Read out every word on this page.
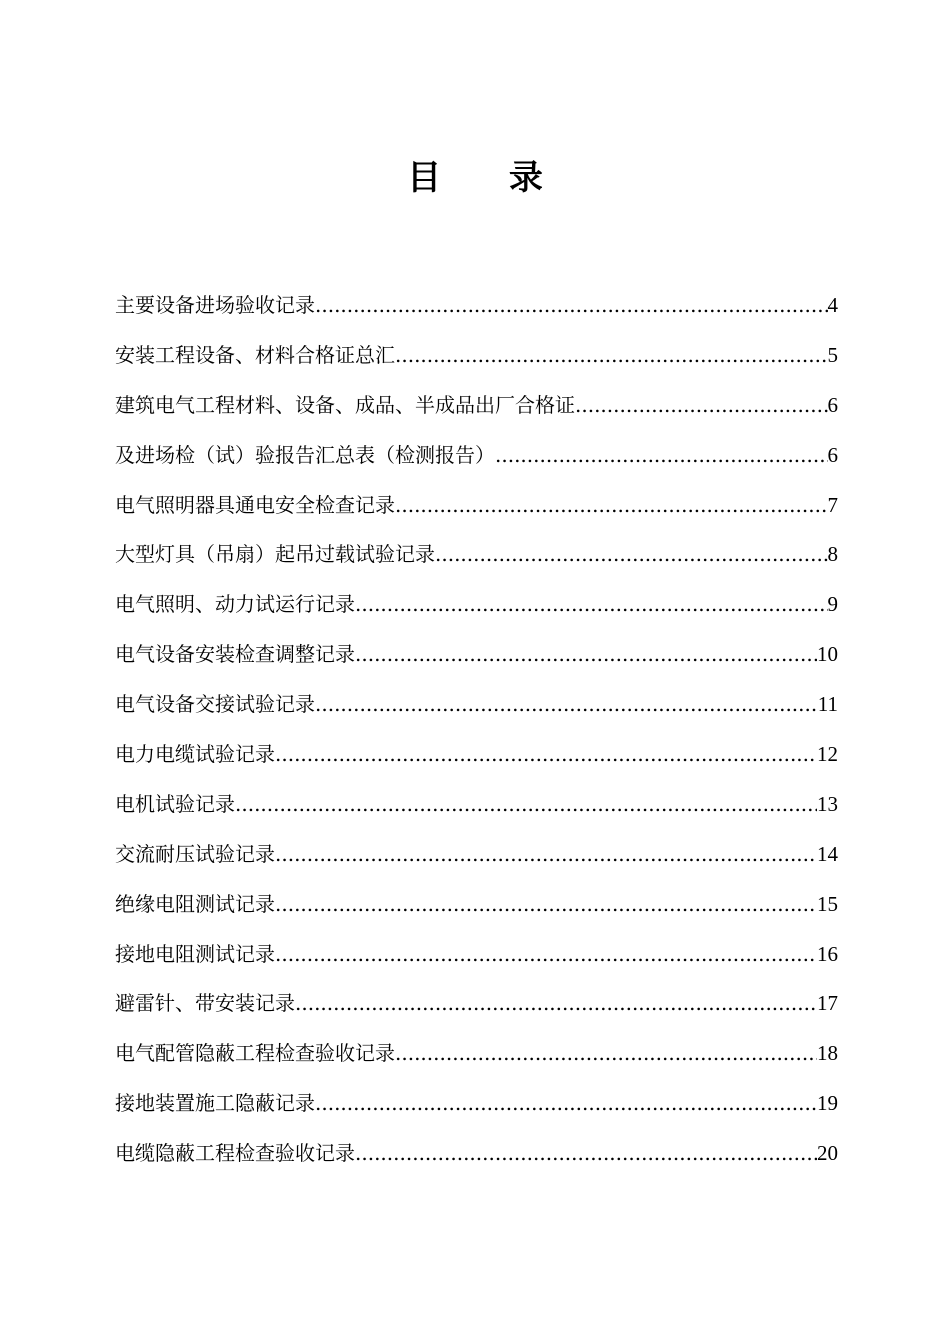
目 录
主要设备进场验收记录 .....	4
安装工程设备、材料合格证总汇 .....	5
建筑电气工程材料、设备、成品、半成品出厂合格证 .....	6
及进场检（试）验报告汇总表（检测报告） .....	6
电气照明器具通电安全检查记录 .....	7
大型灯具（吊扇）起吊过载试验记录 .....	8
电气照明、动力试运行记录 .....	9
电气设备安装检查调整记录 .....	10
电气设备交接试验记录 .....	11
电力电缆试验记录 .....	12
电机试验记录 .....	13
交流耐压试验记录 .....	14
绝缘电阻测试记录 .....	15
接地电阻测试记录 .....	16
避雷针、带安装记录 .....	17
电气配管隐蔽工程检查验收记录 .....	18
接地装置施工隐蔽记录 .....	19
电缆隐蔽工程检查验收记录 .....	20
